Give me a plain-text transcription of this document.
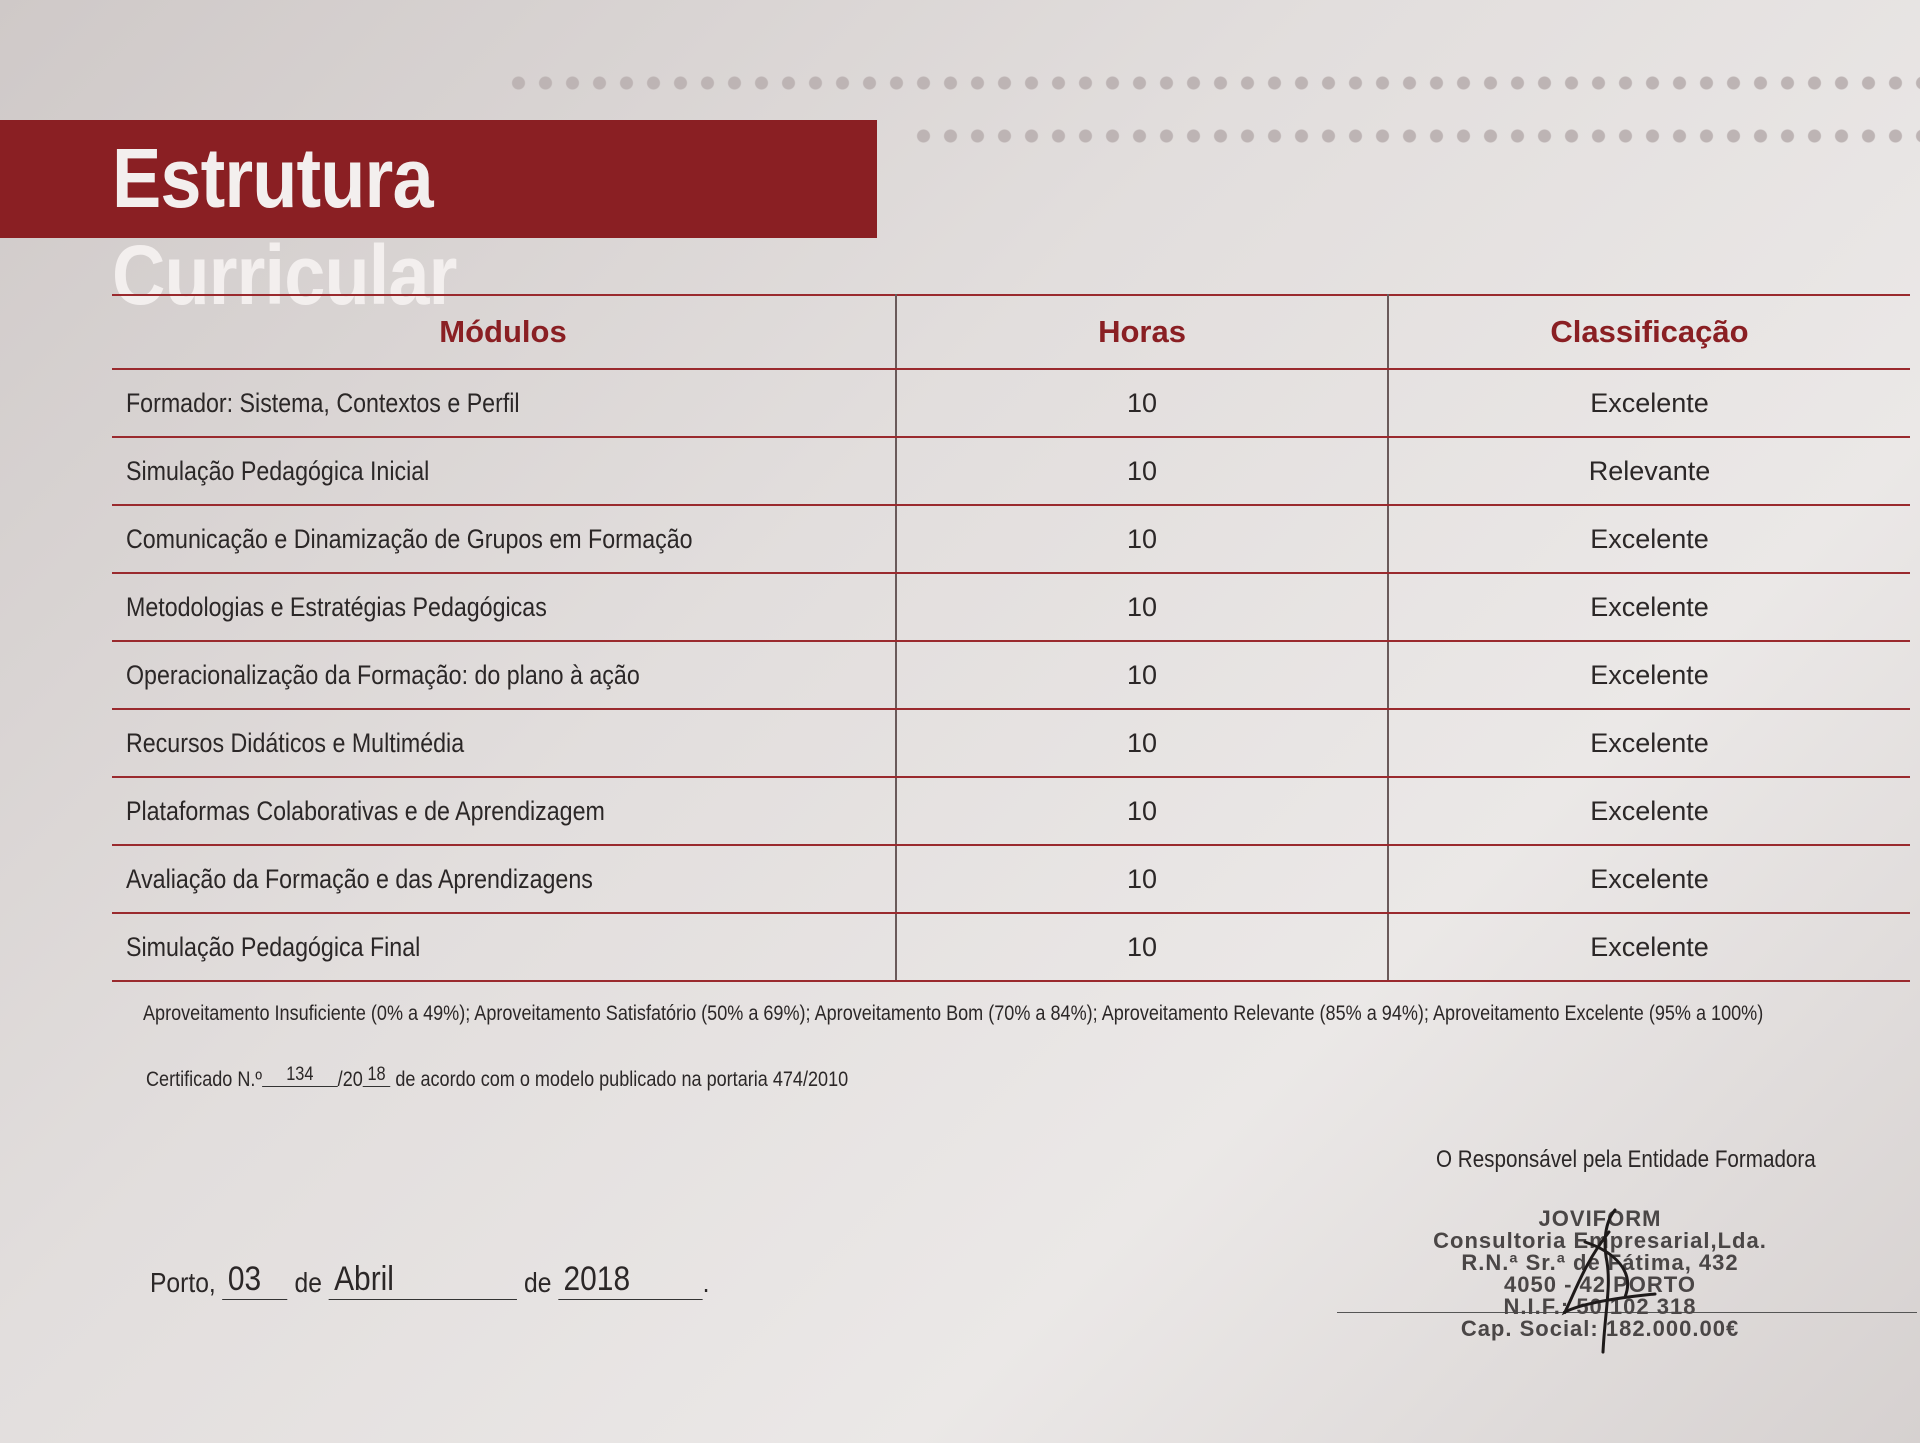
Estrutura Curricular
Módulos	Horas	Classificação
Formador: Sistema, Contextos e Perfil	10	Excelente
Simulação Pedagógica Inicial	10	Relevante
Comunicação e Dinamização de Grupos em Formação	10	Excelente
Metodologias e Estratégias Pedagógicas	10	Excelente
Operacionalização da Formação: do plano à ação	10	Excelente
Recursos Didáticos e Multimédia	10	Excelente
Plataformas Colaborativas e de Aprendizagem	10	Excelente
Avaliação da Formação e das Aprendizagens	10	Excelente
Simulação Pedagógica Final	10	Excelente
Aproveitamento Insuficiente (0% a 49%); Aproveitamento Satisfatório (50% a 69%); Aproveitamento Bom (70% a 84%); Aproveitamento Relevante (85% a 94%); Aproveitamento Excelente (95% a 100%)
Certificado N.º 134 /20 18 de acordo com o modelo publicado na portaria 474/2010
O Responsável pela Entidade Formadora
Porto, 03 de Abril	de 2018	.
JOVIFORM
Consultoria Empresarial,Lda.
R.N.ª Sr.ª de Fátima, 432
4050 - 42 PORTO
N.I.F.: 50 102 318
Cap. Social: 182.000.00€
